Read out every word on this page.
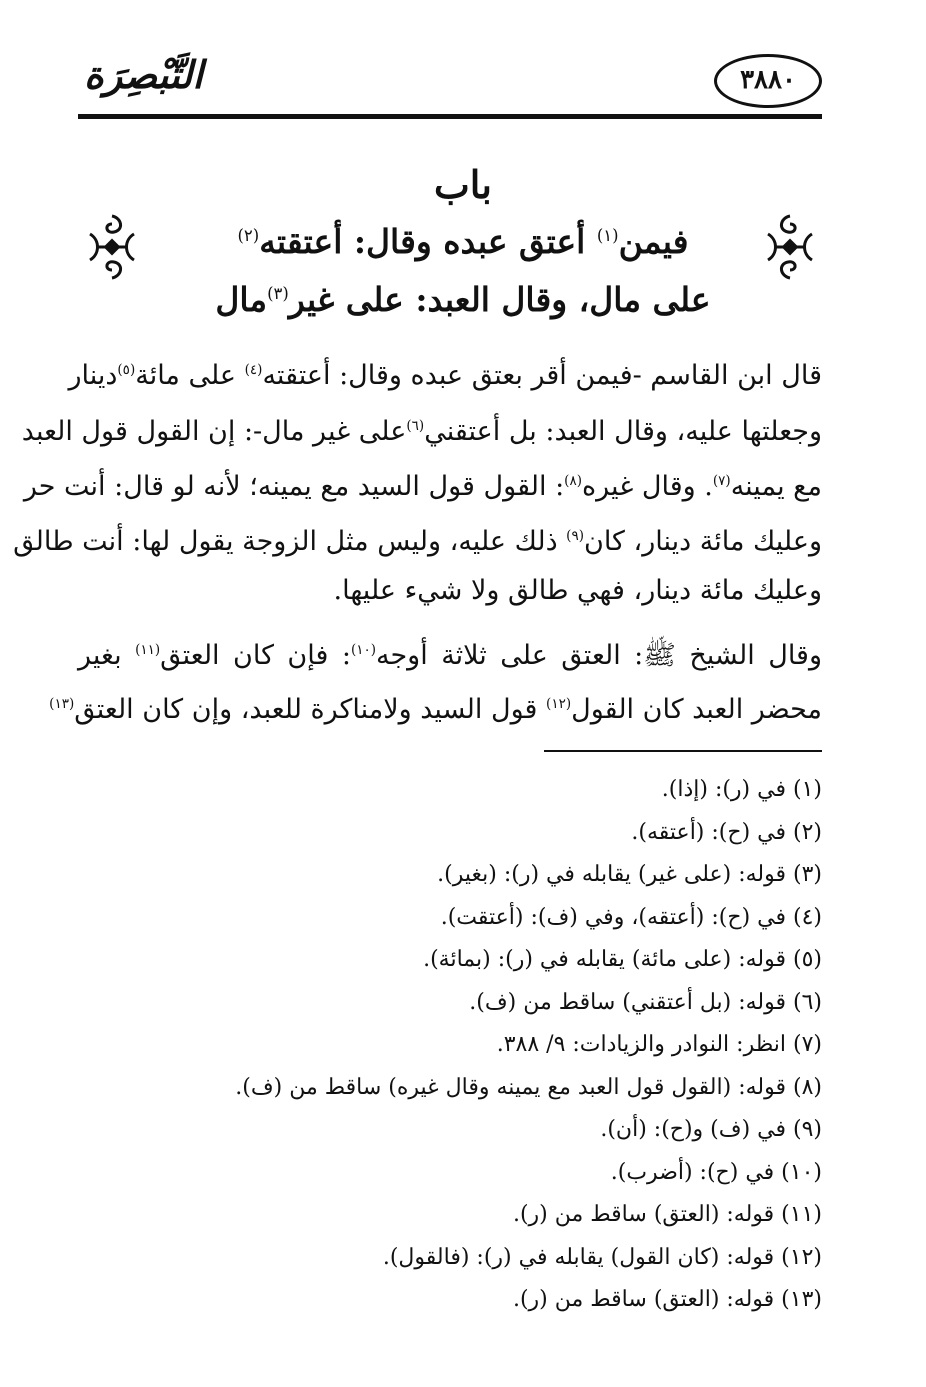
التَّبْصِرَة	٣٨٨٠
باب
فيمن$^{(١)}$ أعتق عبده وقال: أعتقته$^{(٢)}$
على مال، وقال العبد: على غير$^{(٣)}$مال
قال ابن القاسم -فيمن أقر بعتق عبده وقال: أعتقته$^{(٤)}$ على مائة$^{(٥)}$دينار
وجعلتها عليه، وقال العبد: بل أعتقني$^{(٦)}$على غير مال-: إن القول قول العبد
مع يمينه$^{(٧)}$. وقال غيره$^{(٨)}$: القول قول السيد مع يمينه؛ لأنه لو قال: أنت حر
وعليك مائة دينار، كان$^{(٩)}$ ذلك عليه، وليس مثل الزوجة يقول لها: أنت طالق
وعليك مائة دينار، فهي طالق ولا شيء عليها.
وقال الشيخ ﷺ: العتق على ثلاثة أوجه$^{(١٠)}$: فإن كان العتق$^{(١١)}$ بغير
محضر العبد كان القول$^{(١٢)}$ قول السيد ولامناكرة للعبد، وإن كان العتق$^{(١٣)}$
(١) في (ر): (إذا).
(٢) في (ح): (أعتقه).
(٣) قوله: (على غير) يقابله في (ر): (بغير).
(٤) في (ح): (أعتقه)، وفي (ف): (أعتقت).
(٥) قوله: (على مائة) يقابله في (ر): (بمائة).
(٦) قوله: (بل أعتقني) ساقط من (ف).
(٧) انظر: النوادر والزيادات: ٩/ ٣٨٨.
(٨) قوله: (القول قول العبد مع يمينه وقال غيره) ساقط من (ف).
(٩) في (ف) و(ح): (أن).
(١٠) في (ح): (أضرب).
(١١) قوله: (العتق) ساقط من (ر).
(١٢) قوله: (كان القول) يقابله في (ر): (فالقول).
(١٣) قوله: (العتق) ساقط من (ر).
